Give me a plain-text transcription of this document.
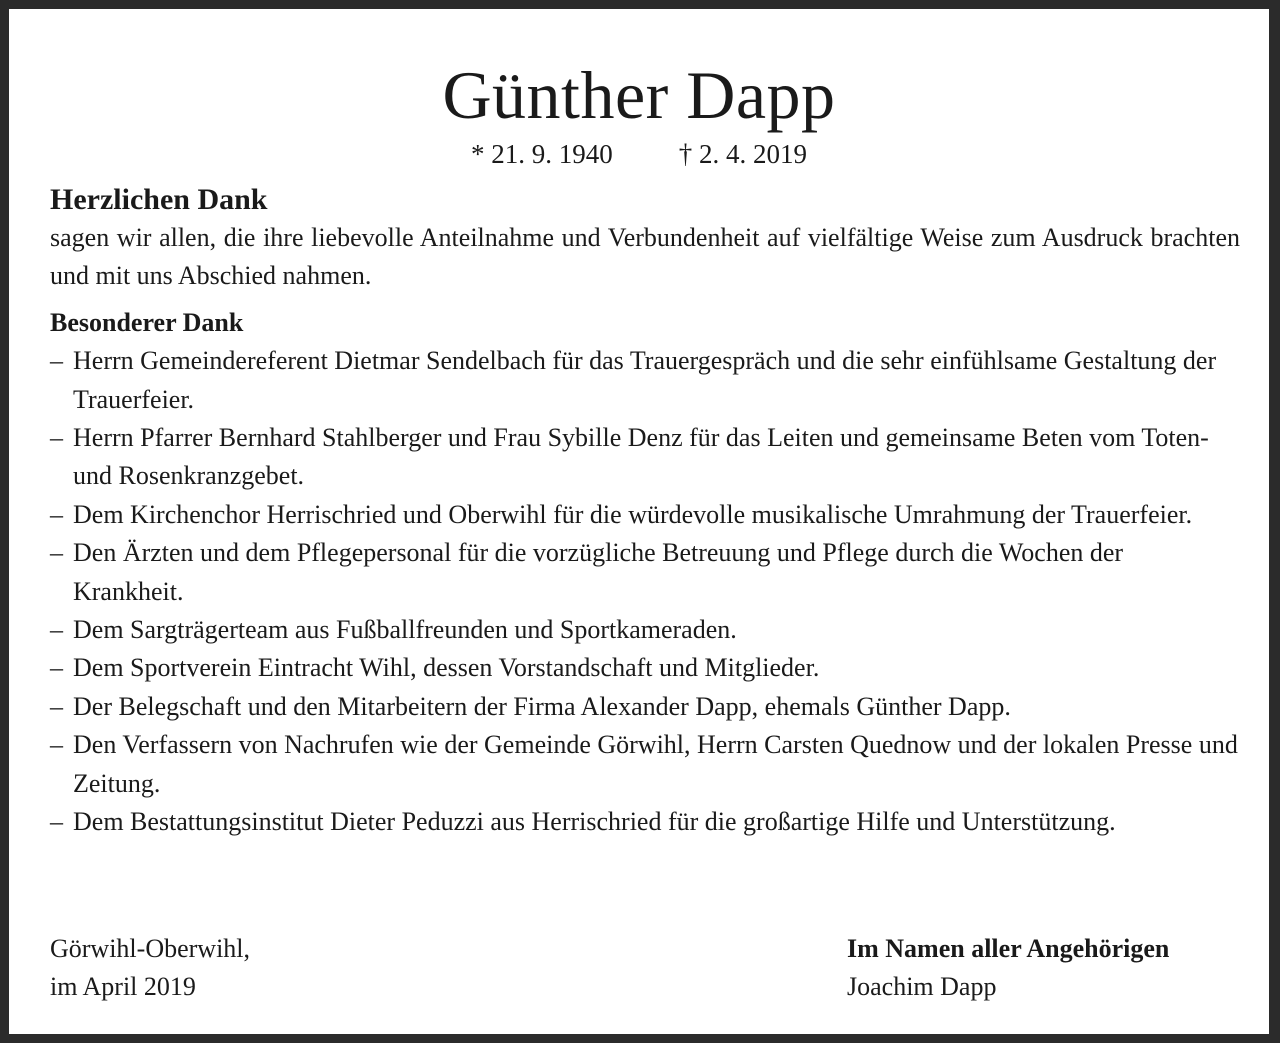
Günther Dapp
* 21. 9. 1940 † 2. 4. 2019

Herzlichen Dank

sagen wir allen, die ihre liebevolle Anteilnahme und Verbundenheit auf vielfältige Weise zum Ausdruck brachten und mit uns Abschied nahmen.

Besonderer Dank

– Herrn Gemeindereferent Dietmar Sendelbach für das Trauergespräch und die sehr einfühlsame Gestaltung der Trauerfeier.
– Herrn Pfarrer Bernhard Stahlberger und Frau Sybille Denz für das Leiten und gemeinsame Beten vom Toten- und Rosenkranzgebet.
– Dem Kirchenchor Herrischried und Oberwihl für die würdevolle musikalische Umrahmung der Trauerfeier.
– Den Ärzten und dem Pflegepersonal für die vorzügliche Betreuung und Pflege durch die Wochen der Krankheit.
– Dem Sargträgerteam aus Fußballfreunden und Sportkameraden.
– Dem Sportverein Eintracht Wihl, dessen Vorstandschaft und Mitglieder.
– Der Belegschaft und den Mitarbeitern der Firma Alexander Dapp, ehemals Günther Dapp.
– Den Verfassern von Nachrufen wie der Gemeinde Görwihl, Herrn Carsten Quednow und der lokalen Presse und Zeitung.
– Dem Bestattungsinstitut Dieter Peduzzi aus Herrischried für die großartige Hilfe und Unterstützung.
Görwihl-Oberwihl,
im April 2019
Im Namen aller Angehörigen
Joachim Dapp
